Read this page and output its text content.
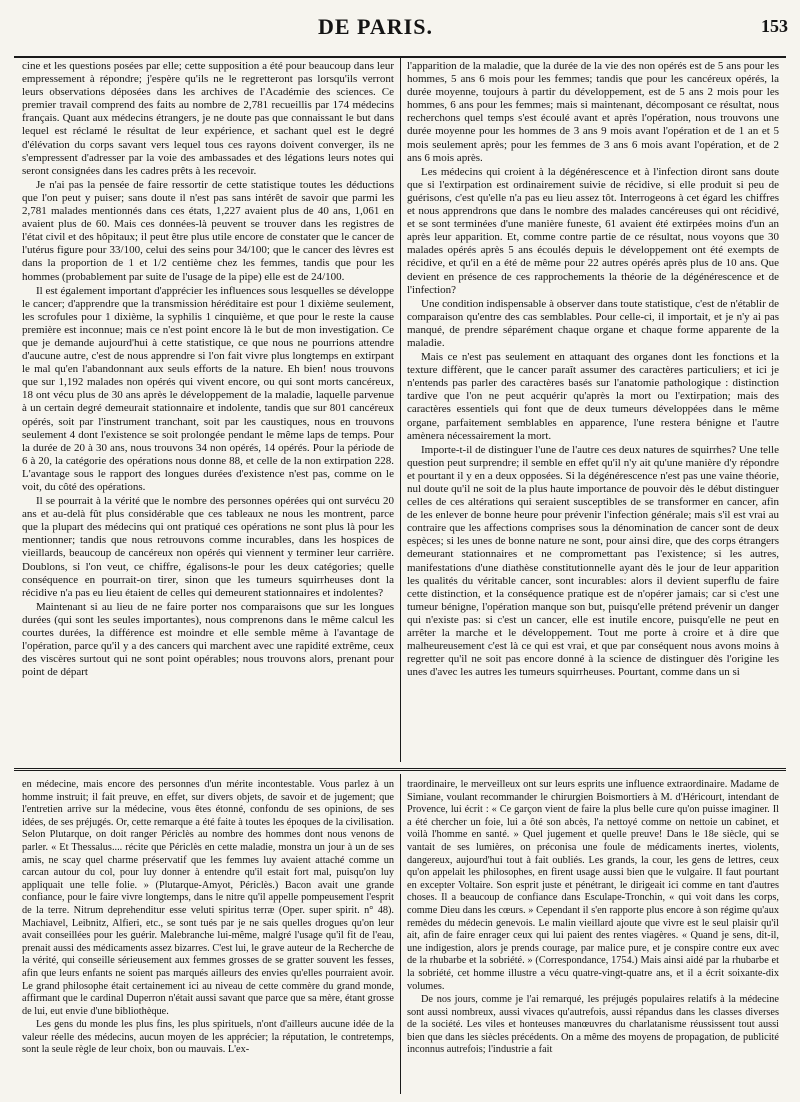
DE PARIS.	153

cine et les questions posées par elle; cette supposition a été pour beaucoup dans leur empressement à répondre; j'espère qu'ils ne le regretteront pas lorsqu'ils verront leurs observations déposées dans les archives de l'Académie des sciences. Ce premier travail comprend des faits au nombre de 2,781 recueillis par 174 médecins français. Quant aux médecins étrangers, je ne doute pas que connaissant le but dans lequel est réclamé le résultat de leur expérience, et sachant quel est le degré d'élévation du corps savant vers lequel tous ces rayons doivent converger, ils ne s'empressent d'adresser par la voie des ambassades et des légations leurs notes qui seront consignées dans les cadres prêts à les recevoir.

Je n'ai pas la pensée de faire ressortir de cette statistique toutes les déductions que l'on peut y puiser; sans doute il n'est pas sans intérêt de savoir que parmi les 2,781 malades mentionnés dans ces états, 1,227 avaient plus de 40 ans, 1,061 en avaient plus de 60. Mais ces données-là peuvent se trouver dans les registres de l'état civil et des hôpitaux; il peut être plus utile encore de constater que le cancer de l'utérus figure pour 33/100, celui des seins pour 34/100; que le cancer des lèvres est dans la proportion de 1 et 1/2 centième chez les femmes, tandis que pour les hommes (probablement par suite de l'usage de la pipe) elle est de 24/100.

Il est également important d'apprécier les influences sous lesquelles se développe le cancer; d'apprendre que la transmission héréditaire est pour 1 dixième seulement, les scrofules pour 1 dixième, la syphilis 1 cinquième, et que pour le reste la cause première est inconnue; mais ce n'est point encore là le but de mon investigation. Ce que je demande aujourd'hui à cette statistique, ce que nous ne pourrions attendre d'aucune autre, c'est de nous apprendre si l'on fait vivre plus longtemps en extirpant le mal qu'en l'abandonnant aux seuls efforts de la nature. Eh bien! nous trouvons que sur 1,192 malades non opérés qui vivent encore, ou qui sont morts cancéreux, 18 ont vécu plus de 30 ans après le développement de la maladie, laquelle parvenue à un certain degré demeurait stationnaire et indolente, tandis que sur 801 cancéreux opérés, soit par l'instrument tranchant, soit par les caustiques, nous en trouvons seulement 4 dont l'existence se soit prolongée pendant le même laps de temps. Pour la durée de 20 à 30 ans, nous trouvons 34 non opérés, 14 opérés. Pour la période de 6 à 20, la catégorie des opérations nous donne 88, et celle de la non extirpation 228. L'avantage sous le rapport des longues durées d'existence n'est pas, comme on le voit, du côté des opérations.

Il se pourrait à la vérité que le nombre des personnes opérées qui ont survécu 20 ans et au-delà fût plus considérable que ces tableaux ne nous les montrent, parce que la plupart des médecins qui ont pratiqué ces opérations ne sont plus là pour les mentionner; tandis que nous retrouvons comme incurables, dans les hospices de vieillards, beaucoup de cancéreux non opérés qui viennent y terminer leur carrière. Doublons, si l'on veut, ce chiffre, égalisons-le pour les deux catégories; quelle conséquence en pourrait-on tirer, sinon que les tumeurs squirrheuses dont la récidive n'a pas eu lieu étaient de celles qui demeurent stationnaires et indolentes?

Maintenant si au lieu de ne faire porter nos comparaisons que sur les longues durées (qui sont les seules importantes), nous comprenons dans le même calcul les courtes durées, la différence est moindre et elle semble même à l'avantage de l'opération, parce qu'il y a des cancers qui marchent avec une rapidité extrême, ceux des viscères surtout qui ne sont point opérables; nous trouvons alors, prenant pour point de départ

l'apparition de la maladie, que la durée de la vie des non opérés est de 5 ans pour les hommes, 5 ans 6 mois pour les femmes; tandis que pour les cancéreux opérés, la durée moyenne, toujours à partir du développement, est de 5 ans 2 mois pour les hommes, 6 ans pour les femmes; mais si maintenant, décomposant ce résultat, nous recherchons quel temps s'est écoulé avant et après l'opération, nous trouvons une durée moyenne pour les hommes de 3 ans 9 mois avant l'opération et de 1 an et 5 mois seulement après; pour les femmes de 3 ans 6 mois avant l'opération, et de 2 ans 6 mois après.

Les médecins qui croient à la dégénérescence et à l'infection diront sans doute que si l'extirpation est ordinairement suivie de récidive, si elle produit si peu de guérisons, c'est qu'elle n'a pas eu lieu assez tôt. Interrogeons à cet égard les chiffres et nous apprendrons que dans le nombre des malades cancéreuses qui ont récidivé, et se sont terminées d'une manière funeste, 61 avaient été extirpées moins d'un an après leur apparition. Et, comme contre partie de ce résultat, nous voyons que 30 malades opérés après 5 ans écoulés depuis le développement ont été exempts de récidive, et qu'il en a été de même pour 22 autres opérés après plus de 10 ans. Que devient en présence de ces rapprochements la théorie de la dégénérescence et de l'infection?

Une condition indispensable à observer dans toute statistique, c'est de n'établir de comparaison qu'entre des cas semblables. Pour celle-ci, il importait, et je n'y ai pas manqué, de prendre séparément chaque organe et chaque forme apparente de la maladie.

Mais ce n'est pas seulement en attaquant des organes dont les fonctions et la texture diffèrent, que le cancer paraît assumer des caractères particuliers; et ici je n'entends pas parler des caractères basés sur l'anatomie pathologique : distinction tardive que l'on ne peut acquérir qu'après la mort ou l'extirpation; mais des caractères essentiels qui font que de deux tumeurs développées dans le même organe, parfaitement semblables en apparence, l'une restera bénigne et l'autre amènera nécessairement la mort.

Importe-t-il de distinguer l'une de l'autre ces deux natures de squirrhes? Une telle question peut surprendre; il semble en effet qu'il n'y ait qu'une manière d'y répondre et pourtant il y en a deux opposées. Si la dégénérescence n'est pas une vaine théorie, nul doute qu'il ne soit de la plus haute importance de pouvoir dès le début distinguer celles de ces altérations qui seraient susceptibles de se transformer en cancer, afin de les enlever de bonne heure pour prévenir l'infection générale; mais s'il est vrai au contraire que les affections comprises sous la dénomination de cancer sont de deux espèces; si les unes de bonne nature ne sont, pour ainsi dire, que des corps étrangers demeurant stationnaires et ne compromettant pas l'existence; si les autres, manifestations d'une diathèse constitutionnelle ayant dès le jour de leur apparition les qualités du véritable cancer, sont incurables: alors il devient superflu de faire cette distinction, et la conséquence pratique est de n'opérer jamais; car si c'est une tumeur bénigne, l'opération manque son but, puisqu'elle prétend prévenir un danger qui n'existe pas: si c'est un cancer, elle est inutile encore, puisqu'elle ne peut en arrêter la marche et le développement. Tout me porte à croire et à dire que malheureusement c'est là ce qui est vrai, et que par conséquent nous avons moins à regretter qu'il ne soit pas encore donné à la science de distinguer dès l'origine les unes d'avec les autres les tumeurs squirrheuses. Pourtant, comme dans un si

en médecine, mais encore des personnes d'un mérite incontestable. Vous parlez à un homme instruit; il fait preuve, en effet, sur divers objets, de savoir et de jugement; que l'entretien arrive sur la médecine, vous êtes étonné, confondu de ses opinions, de ses idées, de ses préjugés. Or, cette remarque a été faite à toutes les époques de la civilisation. Selon Plutarque, on doit ranger Périclès au nombre des hommes dont nous venons de parler. « Et Thessalus.... récite que Périclès en cette maladie, monstra un jour à un de ses amis, ne scay quel charme préservatif que les femmes luy avaient attaché comme un carcan autour du col, pour luy donner à entendre qu'il estait fort mal, puisqu'on luy appliquait une telle folie. » (Plutarque-Amyot, Périclès.) Bacon avait une grande confiance, pour le faire vivre longtemps, dans le nitre qu'il appelle pompeusement l'esprit de la terre. Nitrum deprehenditur esse veluti spiritus terræ (Oper. super spirit. n° 48). Machiavel, Leibnitz, Alfieri, etc., se sont tués par je ne sais quelles drogues qu'on leur avait conseillées pour les guérir. Malebranche lui-même, malgré l'usage qu'il fit de l'eau, prenait aussi des médicaments assez bizarres. C'est lui, le grave auteur de la Recherche de la vérité, qui conseille sérieusement aux femmes grosses de se gratter souvent les fesses, afin que leurs enfants ne soient pas marqués ailleurs des envies qu'elles pourraient avoir. Le grand philosophe était certainement ici au niveau de cette commère du grand monde, affirmant que le cardinal Duperron n'était aussi savant que parce que sa mère, étant grosse de lui, eut envie d'une bibliothèque.

Les gens du monde les plus fins, les plus spirituels, n'ont d'ailleurs aucune idée de la valeur réelle des médecins, aucun moyen de les apprécier; la réputation, le contretemps, sont la seule règle de leur choix, bon ou mauvais. L'ex-

traordinaire, le merveilleux ont sur leurs esprits une influence extraordinaire. Madame de Simiane, voulant recommander le chirurgien Boismortiers à M. d'Héricourt, intendant de Provence, lui écrit : « Ce garçon vient de faire la plus belle cure qu'on puisse imaginer. Il a été chercher un foie, lui a ôté son abcès, l'a nettoyé comme on nettoie un cabinet, et voilà l'homme en santé. » Quel jugement et quelle preuve! Dans le 18e siècle, qui se vantait de ses lumières, on préconisa une foule de médicaments inertes, violents, dangereux, aujourd'hui tout à fait oubliés. Les grands, la cour, les gens de lettres, ceux qu'on appelait les philosophes, en firent usage aussi bien que le vulgaire. Il faut pourtant en excepter Voltaire. Son esprit juste et pénétrant, le dirigeait ici comme en tant d'autres choses. Il a beaucoup de confiance dans Esculape-Tronchin, « qui voit dans les corps, comme Dieu dans les cœurs. » Cependant il s'en rapporte plus encore à son régime qu'aux remèdes du médecin genevois. Le malin vieillard ajoute que vivre est le seul plaisir qu'il ait, afin de faire enrager ceux qui lui paient des rentes viagères. « Quand je sens, dit-il, une indigestion, alors je prends courage, par malice pure, et je conspire contre eux avec de la rhubarbe et la sobriété. » (Correspondance, 1754.) Mais ainsi aidé par la rhubarbe et la sobriété, cet homme illustre a vécu quatre-vingt-quatre ans, et il a écrit soixante-dix volumes.

De nos jours, comme je l'ai remarqué, les préjugés populaires relatifs à la médecine sont aussi nombreux, aussi vivaces qu'autrefois, aussi répandus dans les classes diverses de la société. Les viles et honteuses manœuvres du charlatanisme réussissent tout aussi bien que dans les siècles précédents. On a même des moyens de propagation, de publicité inconnus autrefois; l'industrie a fait
